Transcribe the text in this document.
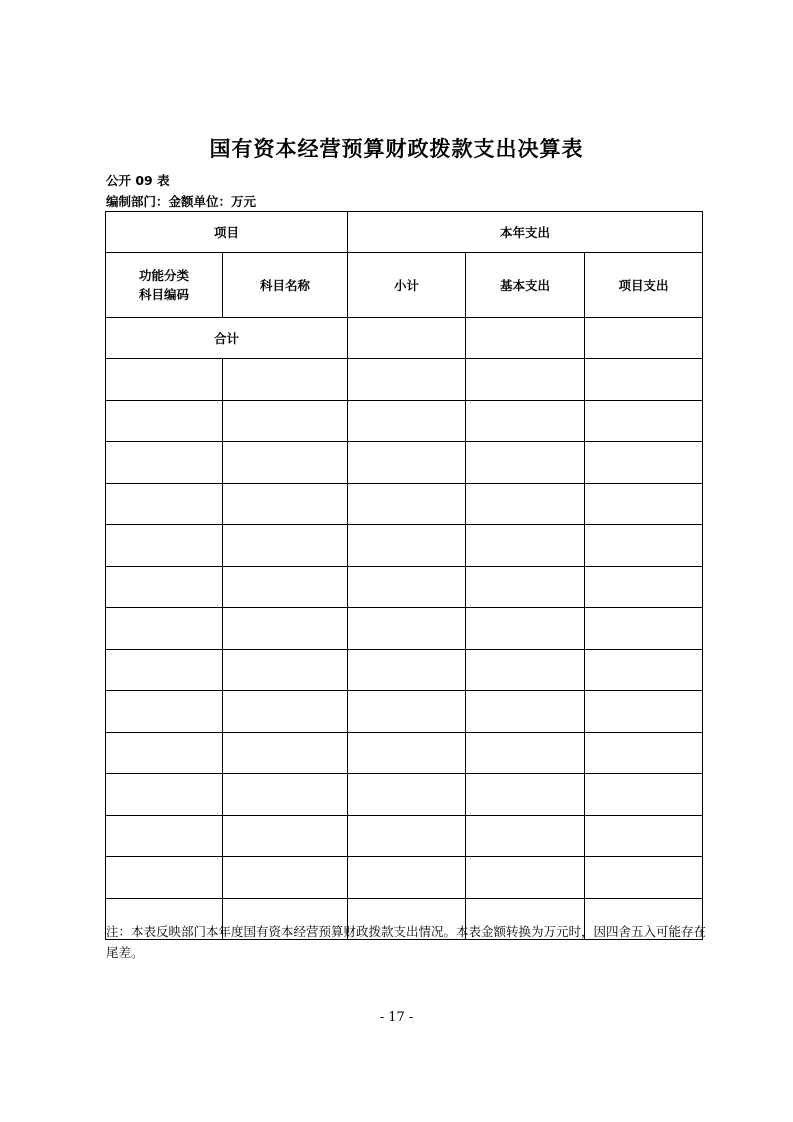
国有资本经营预算财政拨款支出决算表
公开 09 表
编制部门：金额单位：万元
项目		本年支出		

功能分类
科目编码	科目名称	小计	基本支出	项目支出
合计				

注：本表反映部门本年度国有资本经营预算财政拨款支出情况。本表金额转换为万元时，因四舍五入可能存在尾差。
- 17 -
